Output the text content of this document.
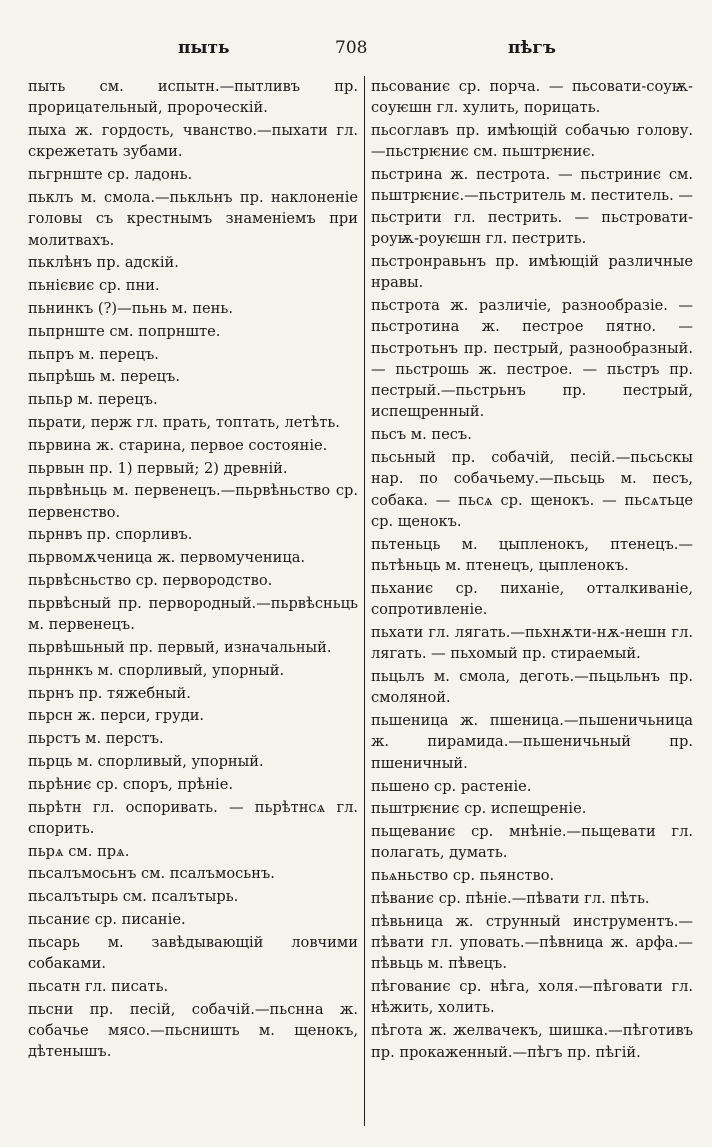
пыть	708	пѣгъ
пыть см. испытн.—пытливъ пр. прорицательный, пророческій.
пыха ж. гордость, чванство.—пыхати гл. скрежетать зубами.
пьгрнште ср. ладонь.
пьклъ м. смола.—пькльнъ пр. наклоненіе головы съ крестнымъ знаменіемъ при молитвахъ.
пьклѣнъ пр. адскій.
пьнієвиє ср. пни.
пьнинкъ (?)—пьнь м. пень.
пьпрнште см. попрнште.
пьпръ м. перецъ.
пьпрѣшь м. перецъ.
пьпьр м. перецъ.
пьрати, перж гл. прать, топтать, летѣть.
пьрвина ж. старина, первое состояніе.
пьрвын пр. 1) первый; 2) древній.
пьрвѣньць м. первенецъ.—пьрвѣньство ср. первенство.
пьрнвъ пр. спорливъ.
пьрвомѫченица ж. первомученица.
пьрвѣсньство ср. первородство.
пьрвѣсный пр. первородный.—пьрвѣсньць м. первенецъ.
пьрвѣшьный пр. первый, изначальный.
пьрннкъ м. спорливый, упорный.
пьрнъ пр. тяжебный.
пьрсн ж. перси, груди.
пьрстъ м. перстъ.
пьрць м. спорливый, упорный.
пьрѣниє ср. споръ, прѣніе.
пьрѣтн гл. оспоривать. — пьрѣтнсѧ гл. спорить.
пьрѧ см. прѧ.
пьсалъмосьнъ см. псалъмосьнъ.
пьсалътырь см. псалътырь.
пьсаниє ср. писаніе.
пьсарь м. завѣдывающій ловчими собаками.
пьсатн гл. писать.
пьсни пр. песій, собачій.—пьснна ж. собачье мясо.—пьсништь м. щенокъ, дѣтенышъ.
пьсованиє ср. порча. — пьсовати-соуѭ-соуѥшн гл. хулить, порицать.
пьсоглавъ пр. имѣющій собачью голову.—пьстрѥниє см. пьштрѥниє.
пьстрина ж. пестрота. — пьстриниє см. пьштрѥниє.—пьстритель м. пеститель. — пьстрити гл. пестрить. — пьстровати-роуѭ-роуѥшн гл. пестрить.
пьстронравьнъ пр. имѣющій различные нравы.
пьстрота ж. различіе, разнообразіе. —пьстротина ж. пестрое пятно. — пьстротьнъ пр. пестрый, разнообразный. — пьстрошь ж. пестрое. — пьстръ пр. пестрый.—пьстрьнъ пр. пестрый, испещренный.
пьсъ м. песъ.
пьсьный пр. собачій, песій.—пьсьскы нар. по собачьему.—пьсьць м. песъ, собака. — пьсѧ ср. щенокъ. — пьсѧтьце ср. щенокъ.
пьтеньць м. цыпленокъ, птенецъ.— пьтѣньць м. птенецъ, цыпленокъ.
пьханиє ср. пиханіе, отталкиваніе, сопротивленіе.
пьхати гл. лягать.—пьхнѫти-нѫ-нешн гл. лягать. — пьхомый пр. стираемый.
пьцьлъ м. смола, деготь.—пьцьльнъ пр. смоляной.
пьшеница ж. пшеница.—пьшеничьница ж. пирамида.—пьшеничьный пр. пшеничный.
пьшено ср. растеніе.
пьштрѥниє ср. испещреніе.
пьщеваниє ср. мнѣніе.—пьщевати гл. полагать, думать.
пьѧньство ср. пьянство.
пѣваниє ср. пѣніе.—пѣвати гл. пѣть.
пѣвьница ж. струнный инструментъ.—пѣвати гл. уповать.—пѣвница ж. арфа.—пѣвьць м. пѣвецъ.
пѣгованиє ср. нѣга, холя.—пѣговати гл. нѣжить, холить.
пѣгота ж. желвачекъ, шишка.—пѣготивъ пр. прокаженный.—пѣгъ пр. пѣгій.
